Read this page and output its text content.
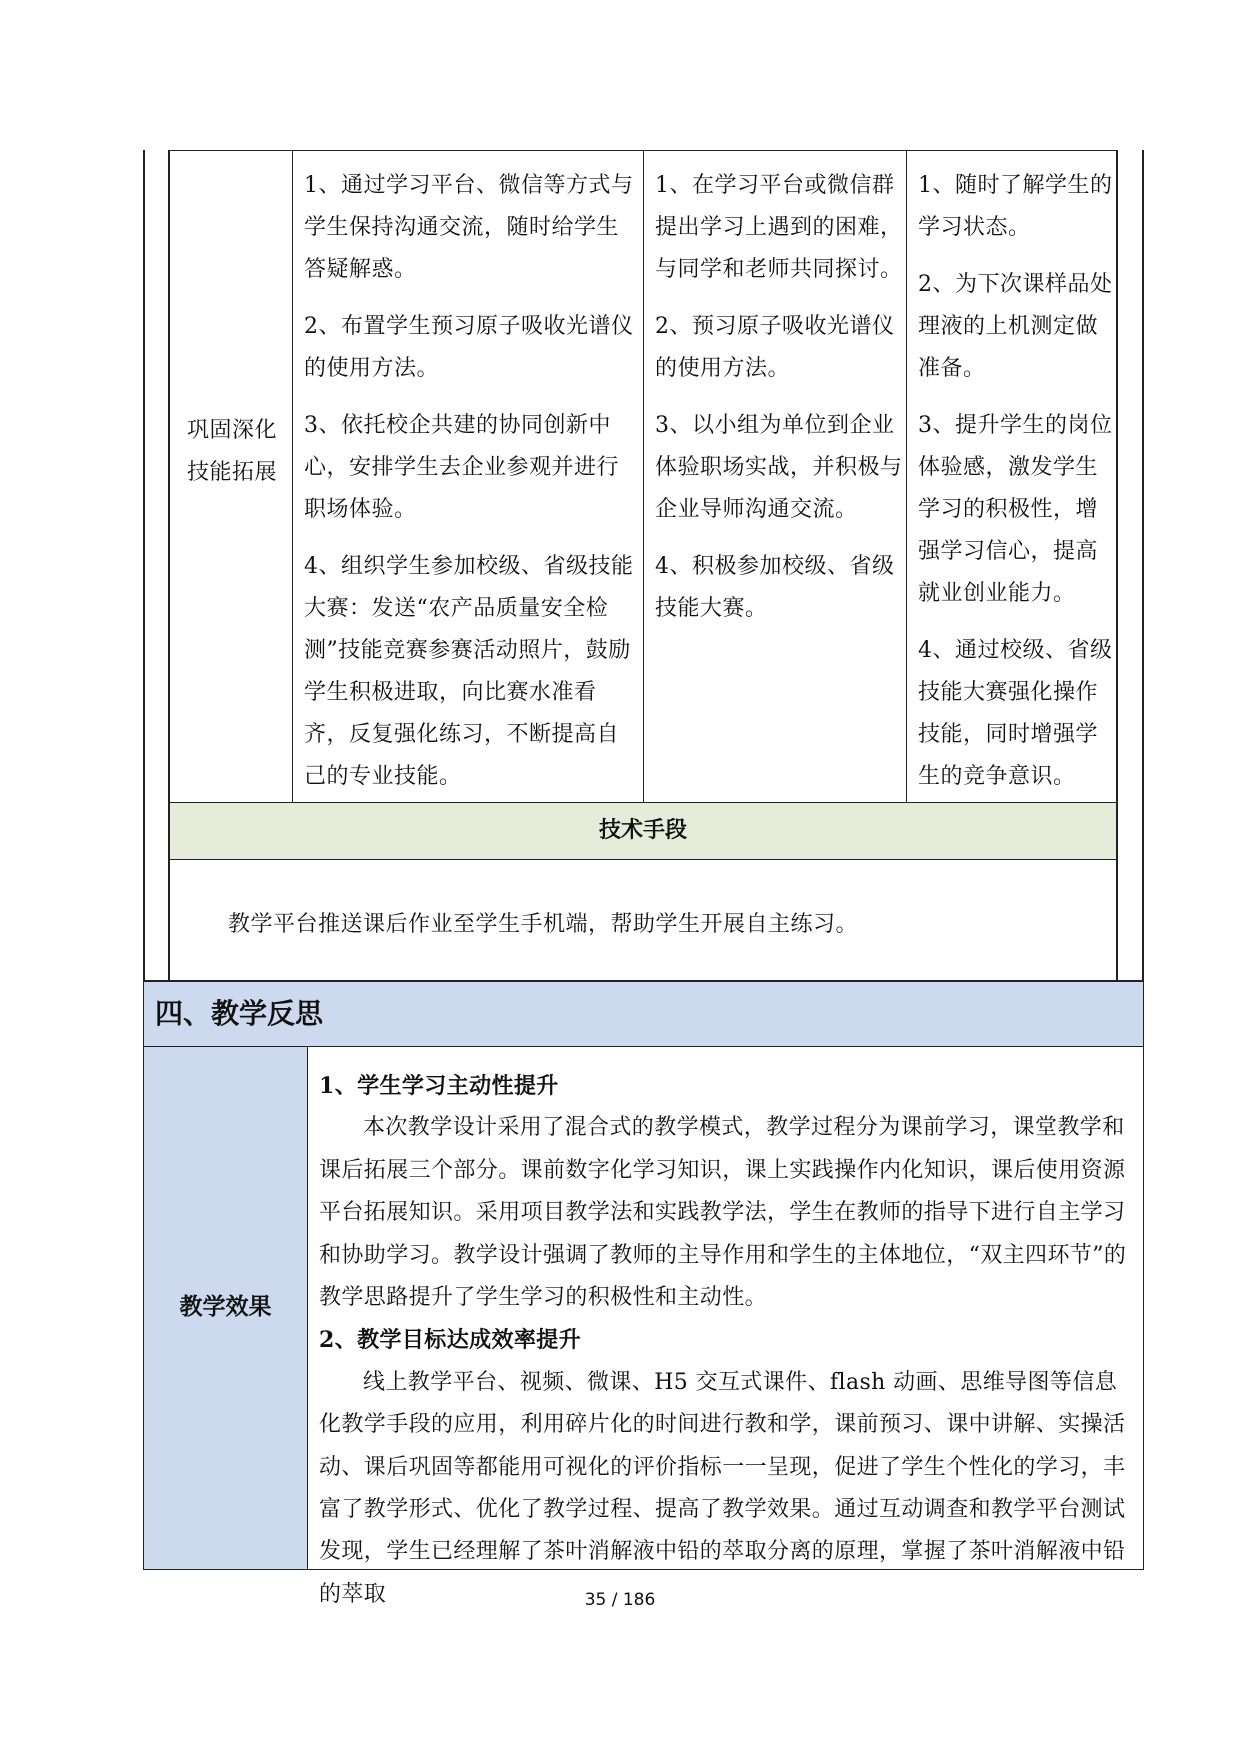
巩固深化
技能拓展

1、通过学习平台、微信等方式与学生保持沟通交流，随时给学生答疑解惑。

2、布置学生预习原子吸收光谱仪的使用方法。

3、依托校企共建的协同创新中心，安排学生去企业参观并进行职场体验。

4、组织学生参加校级、省级技能大赛：发送“农产品质量安全检测”技能竞赛参赛活动照片，鼓励学生积极进取，向比赛水准看齐，反复强化练习，不断提高自己的专业技能。

1、在学习平台或微信群提出学习上遇到的困难，与同学和老师共同探讨。

2、预习原子吸收光谱仪的使用方法。

3、以小组为单位到企业体验职场实战，并积极与企业导师沟通交流。

4、积极参加校级、省级技能大赛。

1、随时了解学生的学习状态。

2、为下次课样品处理液的上机测定做准备。

3、提升学生的岗位体验感，激发学生学习的积极性，增强学习信心，提高就业创业能力。

4、通过校级、省级技能大赛强化操作技能，同时增强学生的竞争意识。

技术手段
教学平台推送课后作业至学生手机端，帮助学生开展自主练习。
四、教学反思
教学效果
1、学生学习主动性提升

本次教学设计采用了混合式的教学模式，教学过程分为课前学习，课堂教学和课后拓展三个部分。课前数字化学习知识，课上实践操作内化知识，课后使用资源平台拓展知识。采用项目教学法和实践教学法，学生在教师的指导下进行自主学习和协助学习。教学设计强调了教师的主导作用和学生的主体地位，“双主四环节”的教学思路提升了学生学习的积极性和主动性。

2、教学目标达成效率提升

线上教学平台、视频、微课、H5 交互式课件、flash 动画、思维导图等信息化教学手段的应用，利用碎片化的时间进行教和学，课前预习、课中讲解、实操活动、课后巩固等都能用可视化的评价指标一一呈现，促进了学生个性化的学习，丰富了教学形式、优化了教学过程、提高了教学效果。通过互动调查和教学平台测试发现，学生已经理解了茶叶消解液中铅的萃取分离的原理，掌握了茶叶消解液中铅的萃取	35 / 186
